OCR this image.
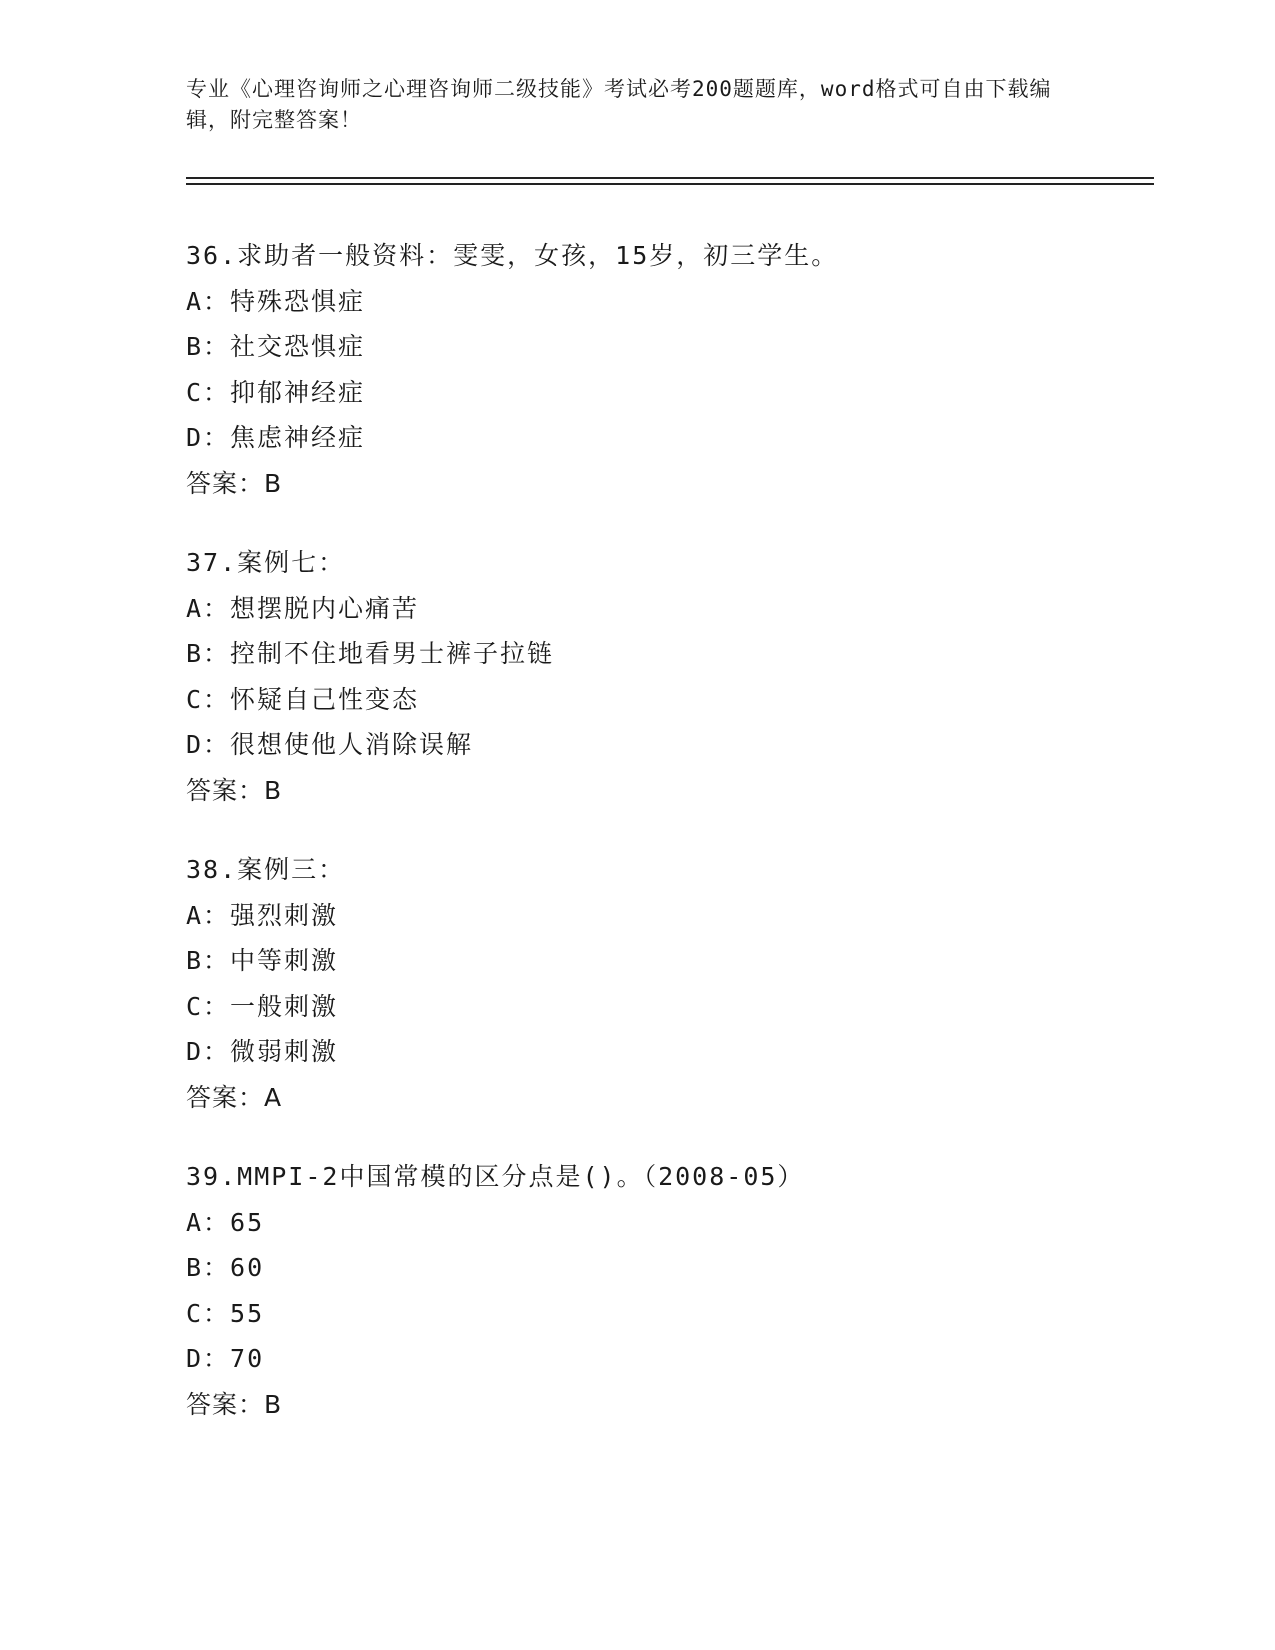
专业《心理咨询师之心理咨询师二级技能》考试必考200题题库，word格式可自由下载编辑，附完整答案！
36.求助者一般资料：雯雯，女孩，15岁，初三学生。
A：特殊恐惧症
B：社交恐惧症
C：抑郁神经症
D：焦虑神经症
答案：B
37.案例七：
A：想摆脱内心痛苦
B：控制不住地看男士裤子拉链
C：怀疑自己性变态
D：很想使他人消除误解
答案：B
38.案例三：
A：强烈刺激
B：中等刺激
C：一般刺激
D：微弱刺激
答案：A
39.MMPI-2中国常模的区分点是()。（2008-05）
A：65
B：60
C：55
D：70
答案：B
